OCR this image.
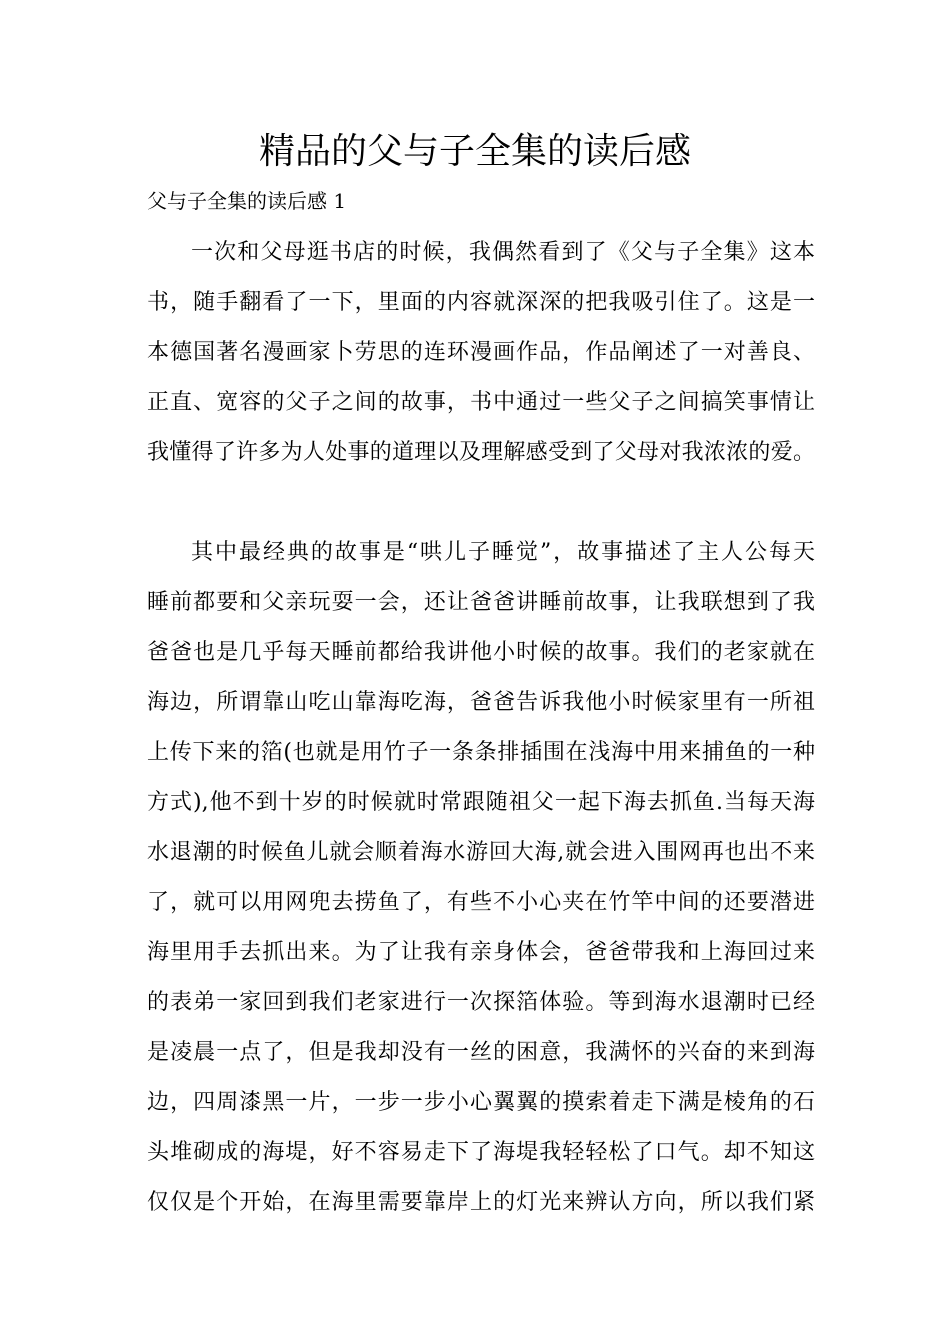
精品的父与子全集的读后感

父与子全集的读后感 1

一次和父母逛书店的时候，我偶然看到了《父与子全集》这本
书，随手翻看了一下，里面的内容就深深的把我吸引住了。这是一
本德国著名漫画家卜劳思的连环漫画作品，作品阐述了一对善良、
正直、宽容的父子之间的故事，书中通过一些父子之间搞笑事情让
我懂得了许多为人处事的道理以及理解感受到了父母对我浓浓的爱。
其中最经典的故事是“哄儿子睡觉”，故事描述了主人公每天
睡前都要和父亲玩耍一会，还让爸爸讲睡前故事，让我联想到了我
爸爸也是几乎每天睡前都给我讲他小时候的故事。我们的老家就在
海边，所谓靠山吃山靠海吃海，爸爸告诉我他小时候家里有一所祖
上传下来的箔(也就是用竹子一条条排插围在浅海中用来捕鱼的一种
方式),他不到十岁的时候就时常跟随祖父一起下海去抓鱼.当每天海
水退潮的时候鱼儿就会顺着海水游回大海,就会进入围网再也出不来
了，就可以用网兜去捞鱼了，有些不小心夹在竹竿中间的还要潜进
海里用手去抓出来。为了让我有亲身体会，爸爸带我和上海回过来
的表弟一家回到我们老家进行一次探箔体验。等到海水退潮时已经
是凌晨一点了，但是我却没有一丝的困意，我满怀的兴奋的来到海
边，四周漆黑一片，一步一步小心翼翼的摸索着走下满是棱角的石
头堆砌成的海堤，好不容易走下了海堤我轻轻松了口气。却不知这
仅仅是个开始，在海里需要靠岸上的灯光来辨认方向，所以我们紧
